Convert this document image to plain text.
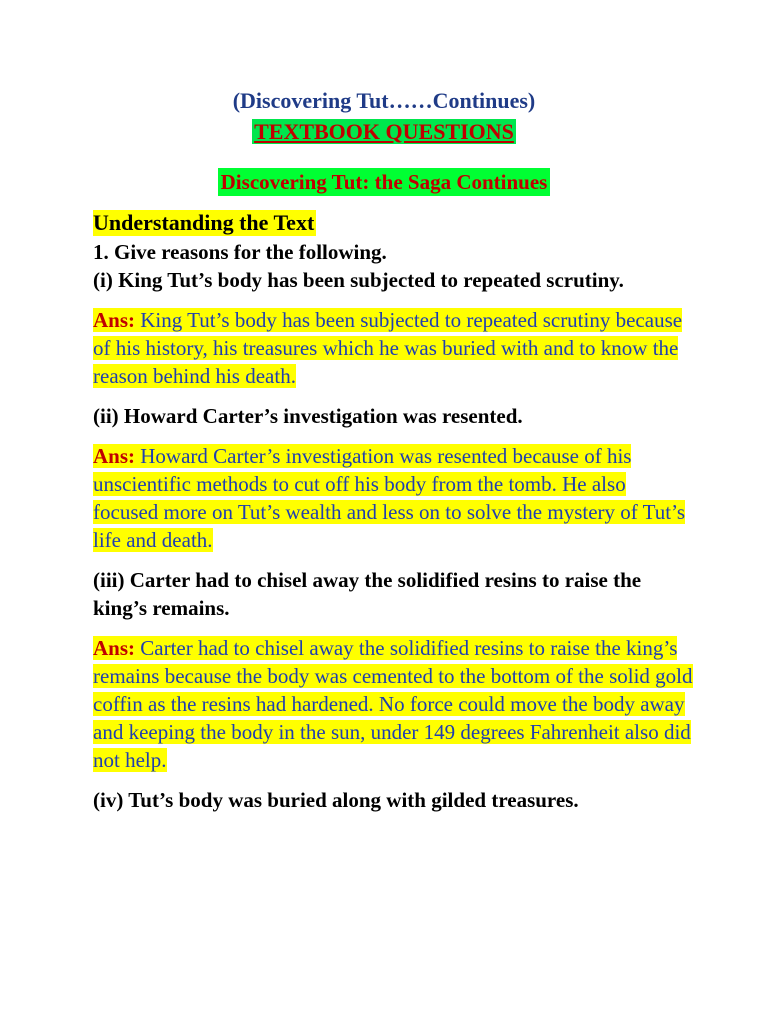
(Discovering Tut……Continues)
TEXTBOOK QUESTIONS
Discovering Tut: the Saga Continues
Understanding the Text

1. Give reasons for the following.

(i) King Tut’s body has been subjected to repeated scrutiny.

Ans: King Tut’s body has been subjected to repeated scrutiny because of his history, his treasures which he was buried with and to know the reason behind his death.

(ii) Howard Carter’s investigation was resented.

Ans: Howard Carter’s investigation was resented because of his unscientific methods to cut off his body from the tomb. He also focused more on Tut’s wealth and less on to solve the mystery of Tut’s life and death.

(iii) Carter had to chisel away the solidified resins to raise the king’s remains.

Ans: Carter had to chisel away the solidified resins to raise the king’s remains because the body was cemented to the bottom of the solid gold coffin as the resins had hardened. No force could move the body away and keeping the body in the sun, under 149 degrees Fahrenheit also did not help.

(iv) Tut’s body was buried along with gilded treasures.
